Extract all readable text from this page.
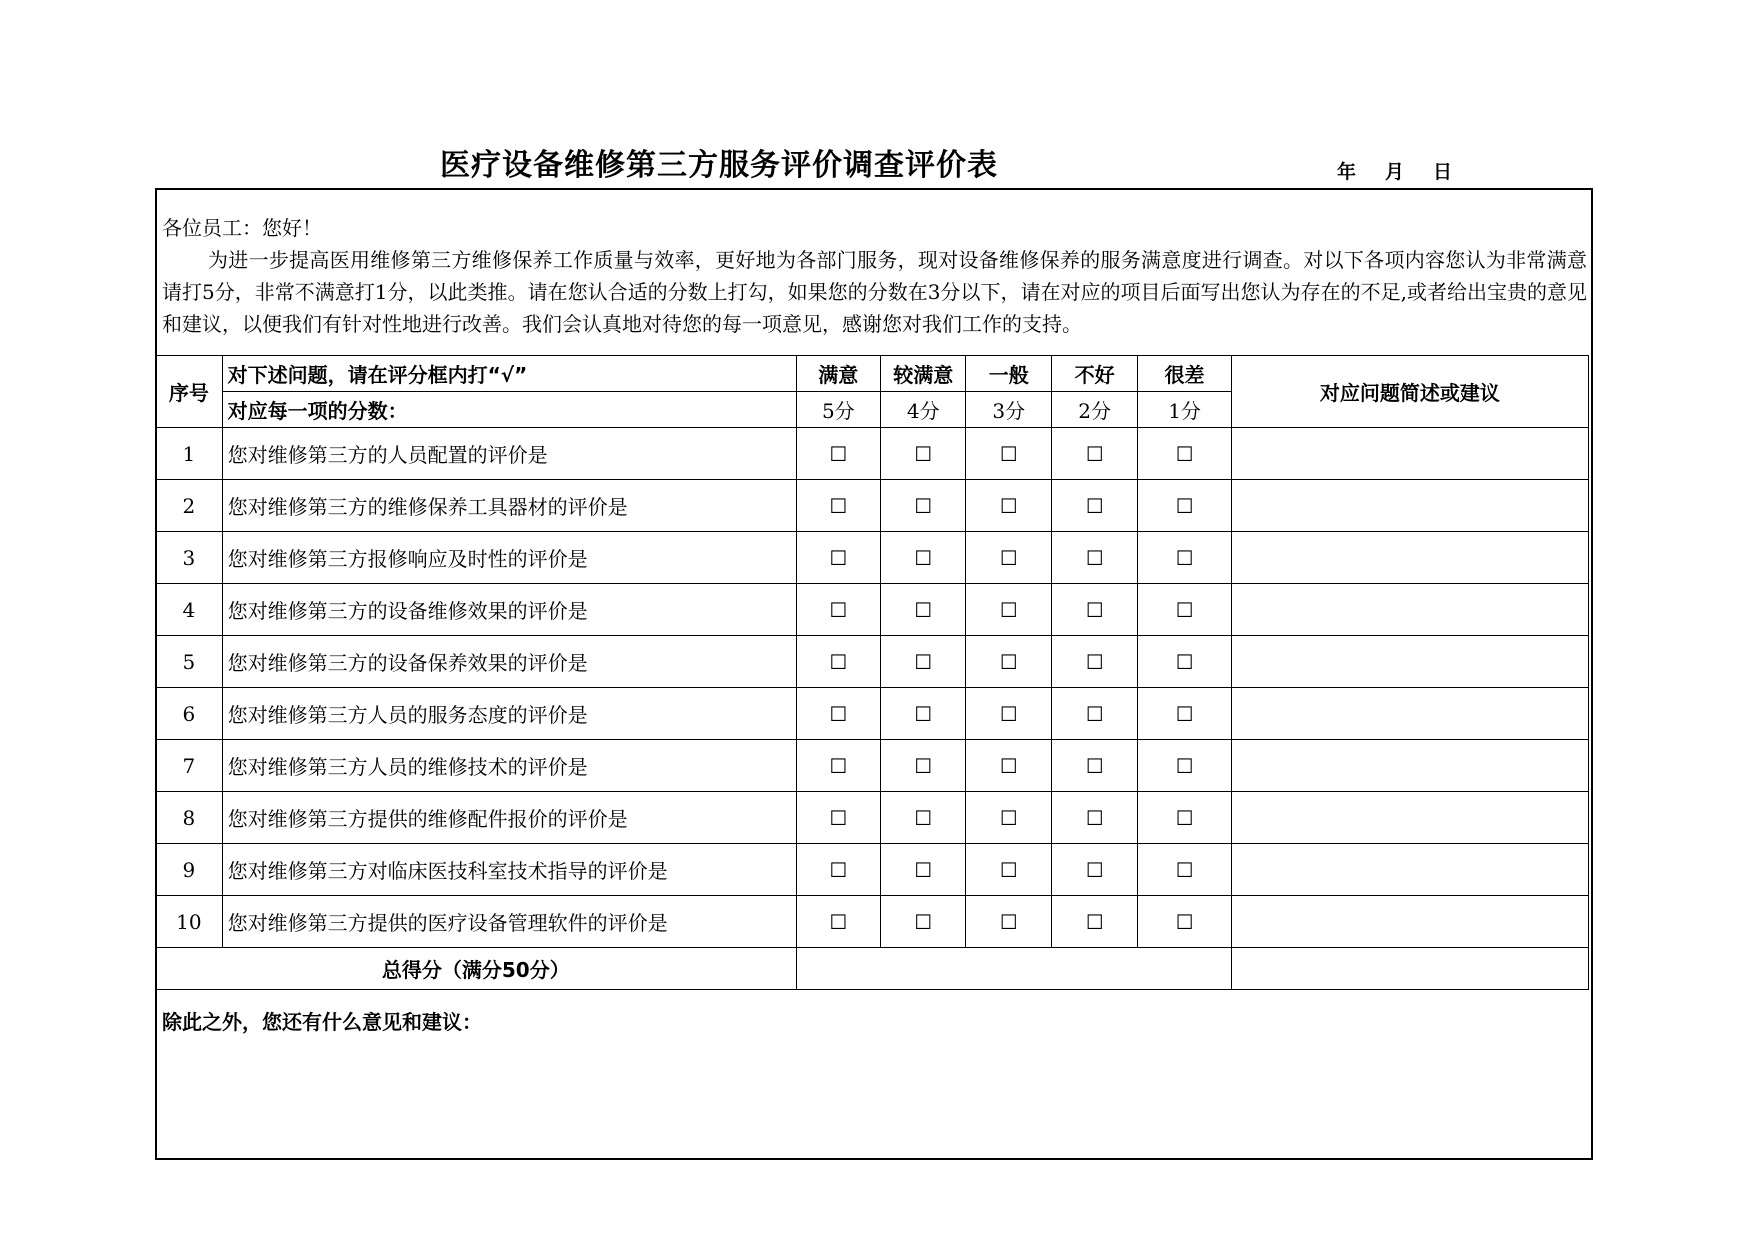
医疗设备维修第三方服务评价调查评价表	年 月 日
各位员工：您好！
为进一步提高医用维修第三方维修保养工作质量与效率，更好地为各部门服务，现对设备维修保养的服务满意度进行调查。对以下各项内容您认为非常满意请打5分，非常不满意打1分，以此类推。请在您认合适的分数上打勾，如果您的分数在3分以下，请在对应的项目后面写出您认为存在的不足,或者给出宝贵的意见和建议，以便我们有针对性地进行改善。我们会认真地对待您的每一项意见，感谢您对我们工作的支持。
序号	对下述问题，请在评分框内打“√”	满意	较满意	一般	不好	很差	对应问题简述或建议
	对应每一项的分数：	5分	4分	3分	2分	1分	
1	您对维修第三方的人员配置的评价是	☐	☐	☐	☐	☐	
2	您对维修第三方的维修保养工具器材的评价是	☐	☐	☐	☐	☐	
3	您对维修第三方报修响应及时性的评价是	☐	☐	☐	☐	☐	
4	您对维修第三方的设备维修效果的评价是	☐	☐	☐	☐	☐	
5	您对维修第三方的设备保养效果的评价是	☐	☐	☐	☐	☐	
6	您对维修第三方人员的服务态度的评价是	☐	☐	☐	☐	☐	
7	您对维修第三方人员的维修技术的评价是	☐	☐	☐	☐	☐	
8	您对维修第三方提供的维修配件报价的评价是	☐	☐	☐	☐	☐	
9	您对维修第三方对临床医技科室技术指导的评价是	☐	☐	☐	☐	☐	
10	您对维修第三方提供的医疗设备管理软件的评价是	☐	☐	☐	☐	☐	
总得分（满分50分）							
除此之外，您还有什么意见和建议：
